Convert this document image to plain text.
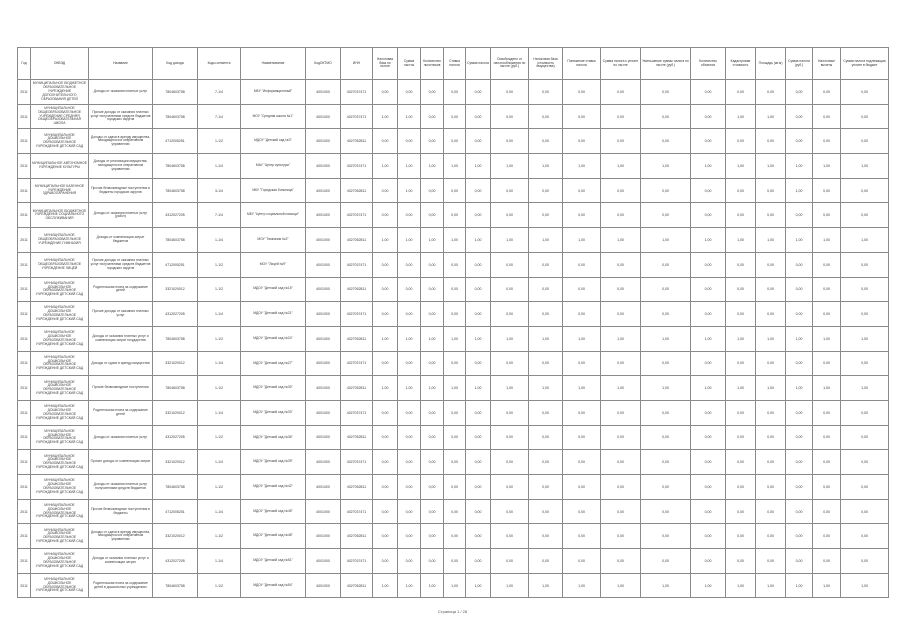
Год	ОКВЭД	Название	Код дохода	Коды сегмента	Наименование	КодОКТМО	ИНН	Налоговая база по льготе	Сумма льготы	Количество льготников	Ставка налога	Сумма налога	Освобождено от налогообложения по льготе (руб.)	Налоговая база (стоимость имущества)	Понижение ставки налога	Сумма налога к уплате по льготе	Уменьшение суммы налога по льготе (руб.)	Количество объектов	Кадастровая стоимость	Площадь (кв.м)	Сумма налога (руб.)	Налоговые вычеты	Сумма налога подлежащая уплате в бюджет
2011	МУНИЦИПАЛЬНОЕ БЮДЖЕТНОЕ ОБРАЗОВАТЕЛЬНОЕ УЧРЕЖДЕНИЕ ДОПОЛНИТЕЛЬНОГО ОБРАЗОВАНИЯ ДЕТЕЙ	Доходы от оказания платных услуг	7804603758	7-1/4	МБУ "Информационный"	4001000	4027037471	0,00	0,00	0,00	0,00	0,00	0,00	0,00	0,00	0,00	0,00	0,00	0,00	0,00	0,00	0,00	0,00
2011	МУНИЦИПАЛЬНОЕ ОБЩЕОБРАЗОВАТЕЛЬНОЕ УЧРЕЖДЕНИЕ СРЕДНЯЯ ОБЩЕОБРАЗОВАТЕЛЬНАЯ ШКОЛА	Прочие доходы от оказания платных услуг получателями средств бюджетов городских округов	7804603758	7-1/4	МОУ "Средняя школа №1"	4001000	4027037471	1,00	1,00	0,00	0,00	0,00	0,00	0,00	0,00	0,00	0,00	0,00	1,00	1,00	0,00	0,00	0,00
2011	МУНИЦИПАЛЬНОЕ ДОШКОЛЬНОЕ ОБРАЗОВАТЕЛЬНОЕ УЧРЕЖДЕНИЕ ДЕТСКИЙ САД	Доходы от сдачи в аренду имущества, находящегося в оперативном управлении	4712005251	1-1/2	МДОУ "Детский сад №3"	4001000	4027052811	0,00	0,00	0,00	0,00	0,00	0,00	0,00	0,00	0,00	0,00	0,00	0,00	0,00	0,00	0,00	0,00
2011	МУНИЦИПАЛЬНОЕ АВТОНОМНОЕ УЧРЕЖДЕНИЕ КУЛЬТУРЫ	Доходы от реализации имущества, находящегося в оперативном управлении	7804603758	1-1/4	МАУ "Центр культуры"	4001000	4027037471	1,00	1,00	1,00	1,00	1,00	1,00	1,00	1,00	1,00	1,00	1,00	1,00	1,00	1,00	1,00	1,00
2011	МУНИЦИПАЛЬНОЕ КАЗЕННОЕ УЧРЕЖДЕНИЕ ЗДРАВООХРАНЕНИЯ	Прочие безвозмездные поступления в бюджеты городских округов	7804603758	3-1/4	МКУ "Городская больница"	4001000	4027052811	0,00	1,00	0,00	0,00	0,00	0,00	0,00	0,00	0,00	0,00	0,00	0,00	0,00	1,00	0,00	0,00
2011	МУНИЦИПАЛЬНОЕ БЮДЖЕТНОЕ УЧРЕЖДЕНИЕ СОЦИАЛЬНОГО ОБСЛУЖИВАНИЯ	Доходы от оказания платных услуг (работ)	4312027205	7-1/4	МБУ "Центр социальной помощи"	4001000	4027037471	0,00	0,00	0,00	0,00	0,00	0,00	0,00	0,00	0,00	0,00	0,00	0,00	0,00	0,00	0,00	0,00
2011	МУНИЦИПАЛЬНОЕ ОБЩЕОБРАЗОВАТЕЛЬНОЕ УЧРЕЖДЕНИЕ ГИМНАЗИЯ	Доходы от компенсации затрат бюджетов	7804603758	1-1/4	МОУ "Гимназия №2"	4001000	4027052811	1,00	1,00	1,00	1,00	1,00	1,00	1,00	1,00	1,00	1,00	1,00	1,00	1,00	1,00	1,00	1,00
2011	МУНИЦИПАЛЬНОЕ ОБЩЕОБРАЗОВАТЕЛЬНОЕ УЧРЕЖДЕНИЕ ЛИЦЕЙ	Прочие доходы от оказания платных услуг получателями средств бюджетов городских округов	4712005251	1-1/2	МОУ "Лицей №9"	4001000	4027037471	0,00	0,00	0,00	0,00	0,00	0,00	0,00	0,00	0,00	0,00	0,00	0,00	0,00	0,00	0,00	0,00
2011	МУНИЦИПАЛЬНОЕ ДОШКОЛЬНОЕ ОБРАЗОВАТЕЛЬНОЕ УЧРЕЖДЕНИЕ ДЕТСКИЙ САД	Родительская плата за содержание детей	3321020012	1-1/2	МДОУ "Детский сад №15"	4001000	4027052811	0,00	0,00	0,00	0,00	0,00	0,00	0,00	0,00	0,00	0,00	0,00	0,00	0,00	0,00	0,00	0,00
2011	МУНИЦИПАЛЬНОЕ ДОШКОЛЬНОЕ ОБРАЗОВАТЕЛЬНОЕ УЧРЕЖДЕНИЕ ДЕТСКИЙ САД	Прочие доходы от оказания платных услуг	4312027205	1-1/4	МДОУ "Детский сад №21"	4001000	4027037471	0,00	0,00	0,00	0,00	0,00	0,00	0,00	0,00	0,00	0,00	0,00	0,00	0,00	0,00	0,00	0,00
2011	МУНИЦИПАЛЬНОЕ ДОШКОЛЬНОЕ ОБРАЗОВАТЕЛЬНОЕ УЧРЕЖДЕНИЕ ДЕТСКИЙ САД	Доходы от оказания платных услуг и компенсации затрат государства	7804603758	1-1/2	МДОУ "Детский сад №24"	4001000	4027052811	1,00	1,00	1,00	1,00	1,00	1,00	1,00	1,00	1,00	1,00	1,00	1,00	1,00	1,00	1,00	1,00
2011	МУНИЦИПАЛЬНОЕ ДОШКОЛЬНОЕ ОБРАЗОВАТЕЛЬНОЕ УЧРЕЖДЕНИЕ ДЕТСКИЙ САД	Доходы от сдачи в аренду имущества	3321020012	1-1/4	МДОУ "Детский сад №27"	4001000	4027037471	0,00	0,00	0,00	0,00	0,00	0,00	0,00	0,00	0,00	0,00	0,00	0,00	0,00	0,00	0,00	0,00
2011	МУНИЦИПАЛЬНОЕ ДОШКОЛЬНОЕ ОБРАЗОВАТЕЛЬНОЕ УЧРЕЖДЕНИЕ ДЕТСКИЙ САД	Прочие безвозмездные поступления	7804603758	1-1/2	МДОУ "Детский сад №30"	4001000	4027052811	1,00	1,00	1,00	1,00	1,00	1,00	1,00	1,00	1,00	1,00	1,00	1,00	1,00	1,00	1,00	1,00
2011	МУНИЦИПАЛЬНОЕ ДОШКОЛЬНОЕ ОБРАЗОВАТЕЛЬНОЕ УЧРЕЖДЕНИЕ ДЕТСКИЙ САД	Родительская плата за содержание детей	3321020012	1-1/4	МДОУ "Детский сад №33"	4001000	4027037471	0,00	0,00	0,00	0,00	0,00	0,00	0,00	0,00	0,00	0,00	0,00	0,00	0,00	0,00	0,00	0,00
2011	МУНИЦИПАЛЬНОЕ ДОШКОЛЬНОЕ ОБРАЗОВАТЕЛЬНОЕ УЧРЕЖДЕНИЕ ДЕТСКИЙ САД	Доходы от оказания платных услуг	4312027205	1-1/2	МДОУ "Детский сад №36"	4001000	4027052811	0,00	0,00	0,00	0,00	0,00	0,00	0,00	0,00	0,00	0,00	0,00	0,00	0,00	0,00	0,00	0,00
2011	МУНИЦИПАЛЬНОЕ ДОШКОЛЬНОЕ ОБРАЗОВАТЕЛЬНОЕ УЧРЕЖДЕНИЕ ДЕТСКИЙ САД	Прочие доходы от компенсации затрат	3321020012	1-1/4	МДОУ "Детский сад №39"	4001000	4027037471	0,00	0,00	0,00	0,00	0,00	0,00	0,00	0,00	0,00	0,00	0,00	0,00	0,00	0,00	0,00	0,00
2011	МУНИЦИПАЛЬНОЕ ДОШКОЛЬНОЕ ОБРАЗОВАТЕЛЬНОЕ УЧРЕЖДЕНИЕ ДЕТСКИЙ САД	Доходы от оказания платных услуг получателями средств бюджетов	7804603758	1-1/2	МДОУ "Детский сад №42"	4001000	4027052811	0,00	0,00	0,00	0,00	0,00	0,00	0,00	0,00	0,00	0,00	0,00	0,00	0,00	0,00	0,00	0,00
2011	МУНИЦИПАЛЬНОЕ ДОШКОЛЬНОЕ ОБРАЗОВАТЕЛЬНОЕ УЧРЕЖДЕНИЕ ДЕТСКИЙ САД	Прочие безвозмездные поступления в бюджеты	4712005251	1-1/4	МДОУ "Детский сад №45"	4001000	4027037471	0,00	0,00	0,00	0,00	0,00	0,00	0,00	0,00	0,00	0,00	0,00	0,00	0,00	0,00	0,00	0,00
2011	МУНИЦИПАЛЬНОЕ ДОШКОЛЬНОЕ ОБРАЗОВАТЕЛЬНОЕ УЧРЕЖДЕНИЕ ДЕТСКИЙ САД	Доходы от сдачи в аренду имущества, находящегося в оперативном управлении	3321020012	1-1/2	МДОУ "Детский сад №48"	4001000	4027052811	0,00	0,00	0,00	0,00	0,00	0,00	0,00	0,00	0,00	0,00	0,00	0,00	0,00	0,00	0,00	0,00
2011	МУНИЦИПАЛЬНОЕ ДОШКОЛЬНОЕ ОБРАЗОВАТЕЛЬНОЕ УЧРЕЖДЕНИЕ ДЕТСКИЙ САД	Доходы от оказания платных услуг и компенсации затрат	4312027205	1-1/4	МДОУ "Детский сад №51"	4001000	4027037471	0,00	0,00	0,00	0,00	0,00	0,00	0,00	0,00	0,00	0,00	0,00	0,00	0,00	0,00	0,00	0,00
2011	МУНИЦИПАЛЬНОЕ ДОШКОЛЬНОЕ ОБРАЗОВАТЕЛЬНОЕ УЧРЕЖДЕНИЕ ДЕТСКИЙ САД	Родительская плата за содержание детей в дошкольных учреждениях	7804603758	1-1/2	МДОУ "Детский сад №54"	4001000	4027052811	1,00	1,00	1,00	1,00	1,00	1,00	1,00	1,00	1,00	1,00	1,00	1,00	1,00	1,00	1,00	1,00
Страница 1 / 28
